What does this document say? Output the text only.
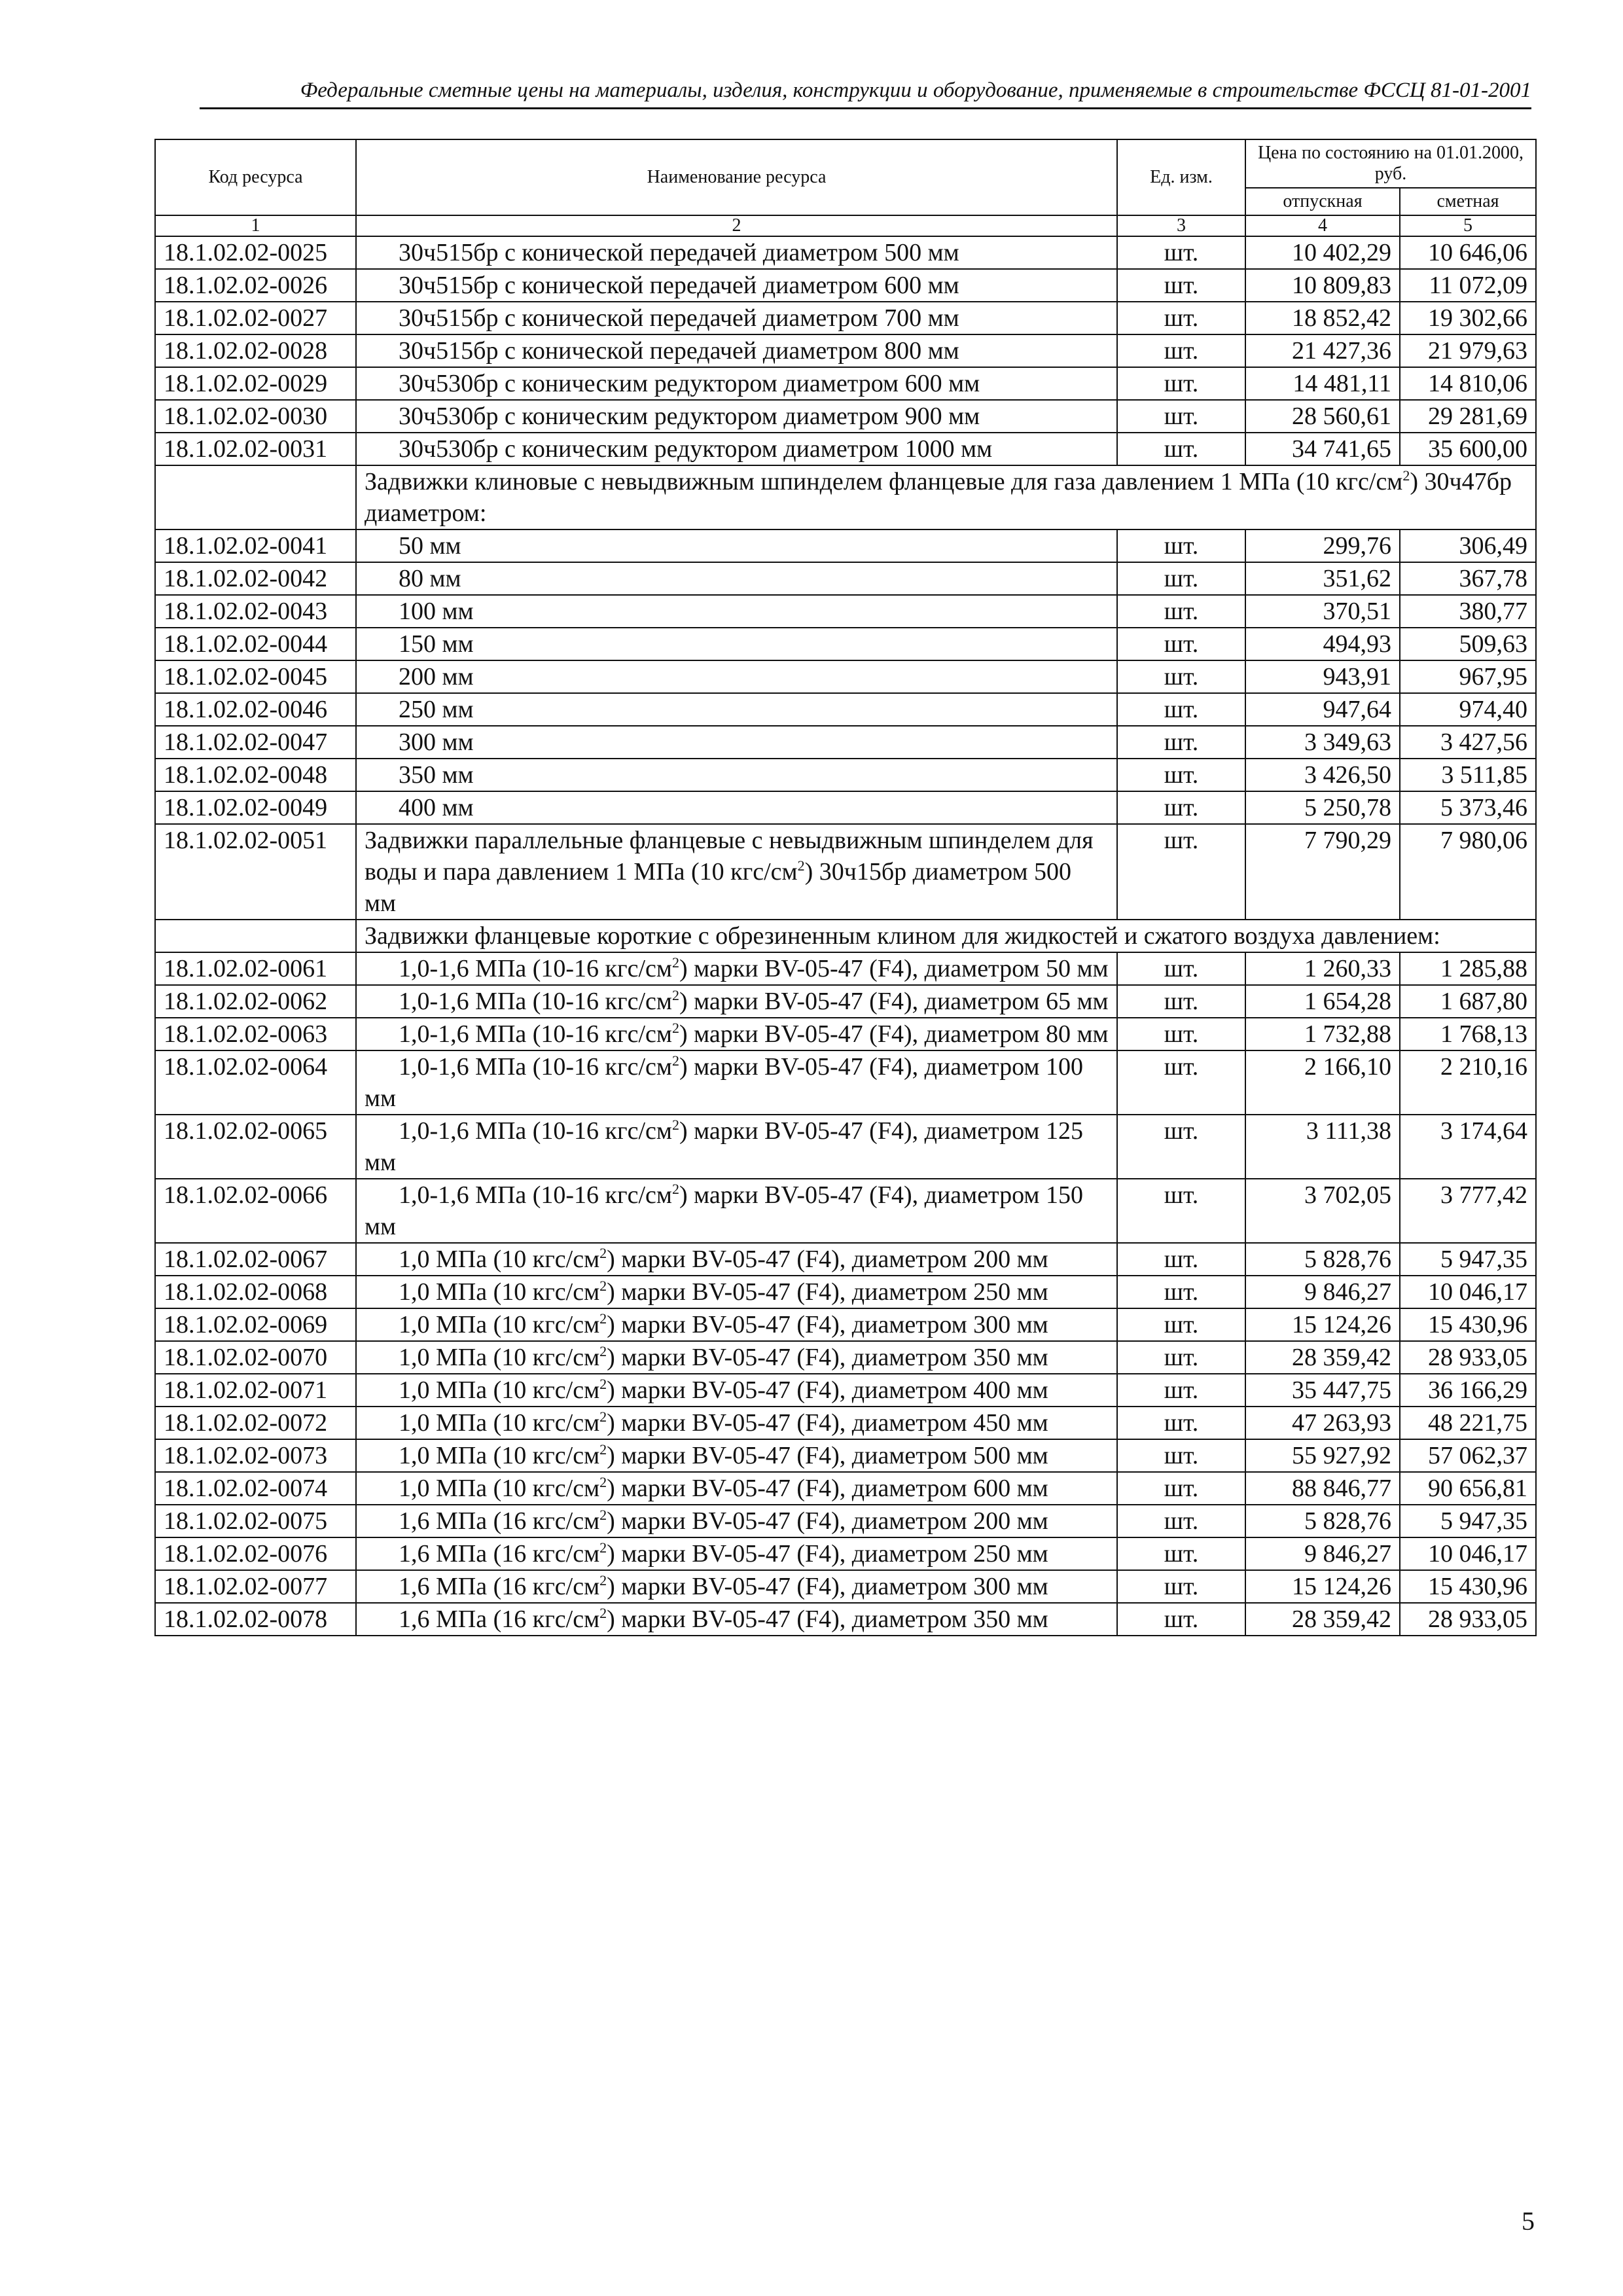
Федеральные сметные цены на материалы, изделия, конструкции и оборудование, применяемые в строительстве ФССЦ 81-01-2001
Код ресурса	Наименование ресурса	Ед. изм.	Цена по состоянию на 01.01.2000, руб.	
			отпускная	сметная
1	2	3	4	5
18.1.02.02-0025	30ч515бр с конической передачей диаметром 500 мм	шт.	10 402,29	10 646,06
18.1.02.02-0026	30ч515бр с конической передачей диаметром 600 мм	шт.	10 809,83	11 072,09
18.1.02.02-0027	30ч515бр с конической передачей диаметром 700 мм	шт.	18 852,42	19 302,66
18.1.02.02-0028	30ч515бр с конической передачей диаметром 800 мм	шт.	21 427,36	21 979,63
18.1.02.02-0029	30ч530бр с коническим редуктором диаметром 600 мм	шт.	14 481,11	14 810,06
18.1.02.02-0030	30ч530бр с коническим редуктором диаметром 900 мм	шт.	28 560,61	29 281,69
18.1.02.02-0031	30ч530бр с коническим редуктором диаметром 1000 мм	шт.	34 741,65	35 600,00
	Задвижки клиновые с невыдвижным шпинделем фланцевые для газа давлением 1 МПа (10 кгс/$см^2$) 30ч47бр диаметром:			
18.1.02.02-0041	50 мм	шт.	299,76	306,49
18.1.02.02-0042	80 мм	шт.	351,62	367,78
18.1.02.02-0043	100 мм	шт.	370,51	380,77
18.1.02.02-0044	150 мм	шт.	494,93	509,63
18.1.02.02-0045	200 мм	шт.	943,91	967,95
18.1.02.02-0046	250 мм	шт.	947,64	974,40
18.1.02.02-0047	300 мм	шт.	3 349,63	3 427,56
18.1.02.02-0048	350 мм	шт.	3 426,50	3 511,85
18.1.02.02-0049	400 мм	шт.	5 250,78	5 373,46
18.1.02.02-0051	Задвижки параллельные фланцевые с невыдвижным шпинделем для воды и пара давлением 1 МПа (10 кгс/$см^2$) 30ч15бр диаметром 500 мм	шт.	7 790,29	7 980,06
	Задвижки фланцевые короткие с обрезиненным клином для жидкостей и сжатого воздуха давлением:			
18.1.02.02-0061	1,0-1,6 МПа (10-16 кгс/$см^2$) марки BV-05-47 (F4), диаметром 50 мм	шт.	1 260,33	1 285,88
18.1.02.02-0062	1,0-1,6 МПа (10-16 кгс/$см^2$) марки BV-05-47 (F4), диаметром 65 мм	шт.	1 654,28	1 687,80
18.1.02.02-0063	1,0-1,6 МПа (10-16 кгс/$см^2$) марки BV-05-47 (F4), диаметром 80 мм	шт.	1 732,88	1 768,13
18.1.02.02-0064	1,0-1,6 МПа (10-16 кгс/$см^2$) марки BV-05-47 (F4), диаметром 100 мм	шт.	2 166,10	2 210,16
18.1.02.02-0065	1,0-1,6 МПа (10-16 кгс/$см^2$) марки BV-05-47 (F4), диаметром 125 мм	шт.	3 111,38	3 174,64
18.1.02.02-0066	1,0-1,6 МПа (10-16 кгс/$см^2$) марки BV-05-47 (F4), диаметром 150 мм	шт.	3 702,05	3 777,42
18.1.02.02-0067	1,0 МПа (10 кгс/$см^2$) марки BV-05-47 (F4), диаметром 200 мм	шт.	5 828,76	5 947,35
18.1.02.02-0068	1,0 МПа (10 кгс/$см^2$) марки BV-05-47 (F4), диаметром 250 мм	шт.	9 846,27	10 046,17
18.1.02.02-0069	1,0 МПа (10 кгс/$см^2$) марки BV-05-47 (F4), диаметром 300 мм	шт.	15 124,26	15 430,96
18.1.02.02-0070	1,0 МПа (10 кгс/$см^2$) марки BV-05-47 (F4), диаметром 350 мм	шт.	28 359,42	28 933,05
18.1.02.02-0071	1,0 МПа (10 кгс/$см^2$) марки BV-05-47 (F4), диаметром 400 мм	шт.	35 447,75	36 166,29
18.1.02.02-0072	1,0 МПа (10 кгс/$см^2$) марки BV-05-47 (F4), диаметром 450 мм	шт.	47 263,93	48 221,75
18.1.02.02-0073	1,0 МПа (10 кгс/$см^2$) марки BV-05-47 (F4), диаметром 500 мм	шт.	55 927,92	57 062,37
18.1.02.02-0074	1,0 МПа (10 кгс/$см^2$) марки BV-05-47 (F4), диаметром 600 мм	шт.	88 846,77	90 656,81
18.1.02.02-0075	1,6 МПа (16 кгс/$см^2$) марки BV-05-47 (F4), диаметром 200 мм	шт.	5 828,76	5 947,35
18.1.02.02-0076	1,6 МПа (16 кгс/$см^2$) марки BV-05-47 (F4), диаметром 250 мм	шт.	9 846,27	10 046,17
18.1.02.02-0077	1,6 МПа (16 кгс/$см^2$) марки BV-05-47 (F4), диаметром 300 мм	шт.	15 124,26	15 430,96
18.1.02.02-0078	1,6 МПа (16 кгс/$см^2$) марки BV-05-47 (F4), диаметром 350 мм	шт.	28 359,42	28 933,05
5
